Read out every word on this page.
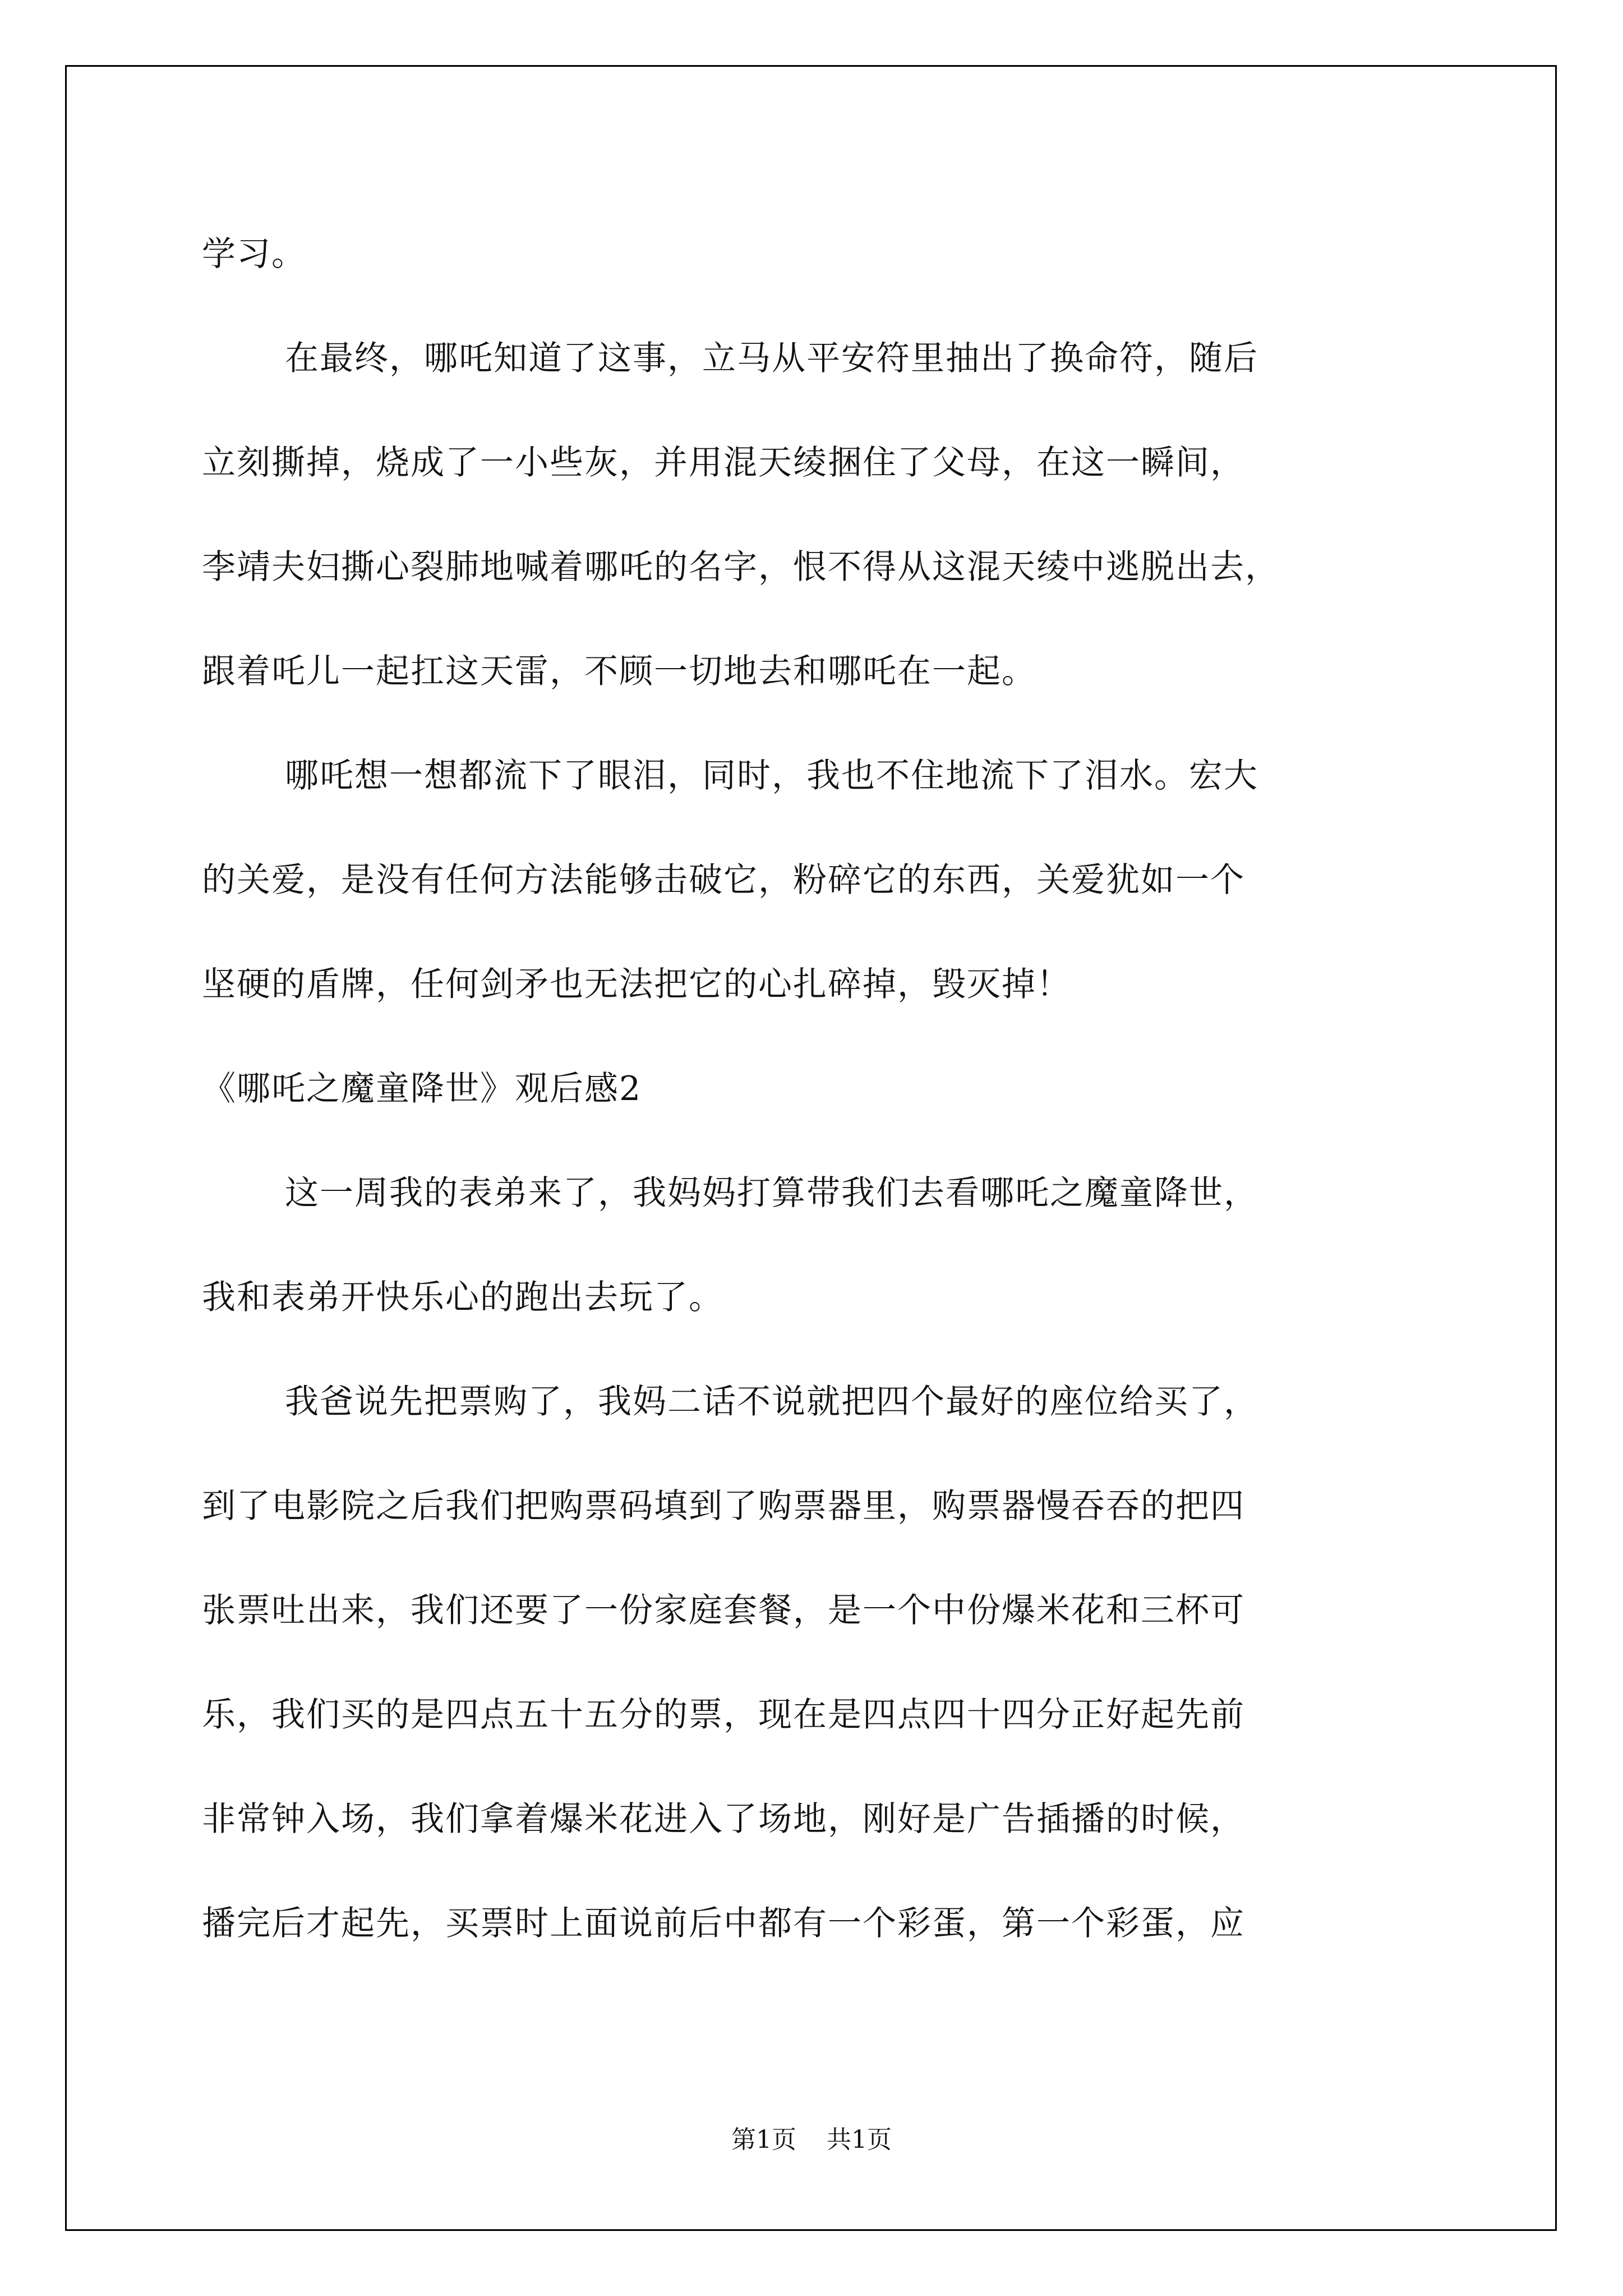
学习。
在最终，哪吒知道了这事，立马从平安符里抽出了换命符，随后
立刻撕掉，烧成了一小些灰，并用混天绫捆住了父母，在这一瞬间，
李靖夫妇撕心裂肺地喊着哪吒的名字，恨不得从这混天绫中逃脱出去，
跟着吒儿一起扛这天雷，不顾一切地去和哪吒在一起。
哪吒想一想都流下了眼泪，同时，我也不住地流下了泪水。宏大
的关爱，是没有任何方法能够击破它，粉碎它的东西，关爱犹如一个
坚硬的盾牌，任何剑矛也无法把它的心扎碎掉，毁灭掉！
《哪吒之魔童降世》观后感2
这一周我的表弟来了，我妈妈打算带我们去看哪吒之魔童降世，
我和表弟开快乐心的跑出去玩了。
我爸说先把票购了，我妈二话不说就把四个最好的座位给买了，
到了电影院之后我们把购票码填到了购票器里，购票器慢吞吞的把四
张票吐出来，我们还要了一份家庭套餐，是一个中份爆米花和三杯可
乐，我们买的是四点五十五分的票，现在是四点四十四分正好起先前
非常钟入场，我们拿着爆米花进入了场地，刚好是广告插播的时候，
播完后才起先，买票时上面说前后中都有一个彩蛋，第一个彩蛋，应
第1页 共1页
